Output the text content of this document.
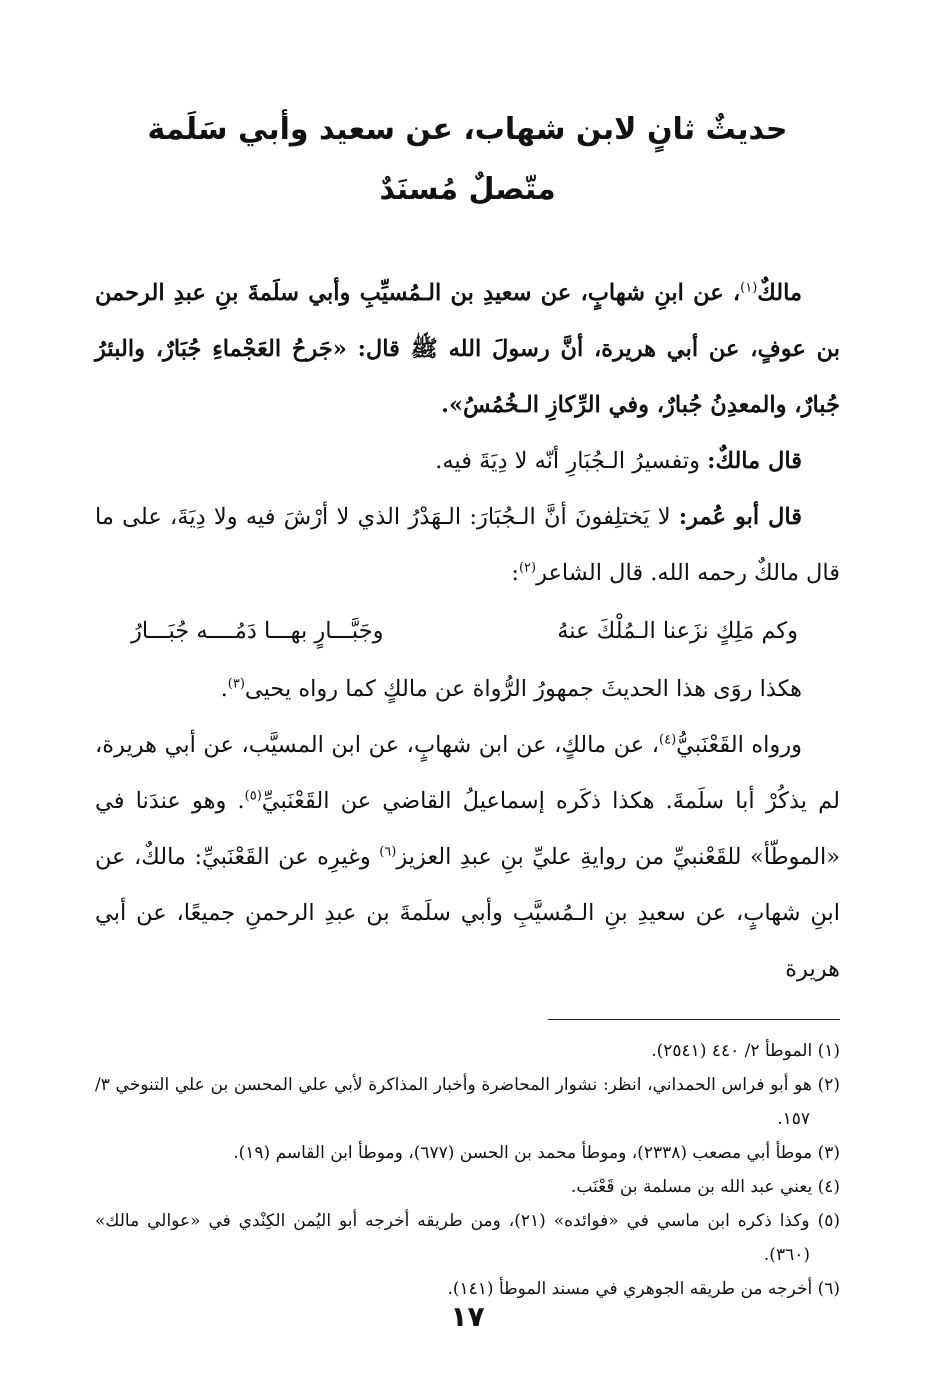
حديثٌ ثانٍ لابن شهاب، عن سعيد وأبي سَلَمة
متّصلٌ مُسنَدٌ

مالكٌ$^{(١)}$، عن ابنِ شهابٍ، عن سعيدِ بن الـمُسيِّبِ وأبي سلَمةَ بنِ عبدِ الرحمن بن عوفٍ، عن أبي هريرة، أنَّ رسولَ الله ﷺ قال: «جَرحُ العَجْماءِ جُبَارٌ، والبئرُ جُبارٌ، والمعدِنُ جُبارٌ، وفي الرِّكازِ الـخُمُسُ».

قال مالكٌ: وتفسيرُ الـجُبَارِ أنّه لا دِيَةَ فيه.

قال أبو عُمر: لا يَختلِفونَ أنَّ الـجُبَارَ: الـهَدْرُ الذي لا أرْشَ فيه ولا دِيَةَ، على ما قال مالكٌ رحمه الله. قال الشاعر$^{(٢)}$:

وكم مَلِكٍ نزَعنا الـمُلْكَ عنهُ
وجَبَّـــارٍ بهـــا دَمُــــه جُبَـــارُ

هكذا روَى هذا الحديثَ جمهورُ الرُّواة عن مالكٍ كما رواه يحيى$^{(٣)}$.

ورواه القَعْنَبيُّ$^{(٤)}$، عن مالكٍ، عن ابن شهابٍ، عن ابن المسيَّب، عن أبي هريرة، لم يذكُرْ أبا سلَمةَ. هكذا ذكَره إسماعيلُ القاضي عن القَعْنَبيِّ$^{(٥)}$. وهو عندَنا في «الموطّأ» للقَعْنبيِّ من روايةِ عليِّ بنِ عبدِ العزيز$^{(٦)}$ وغيرِه عن القَعْنَبيِّ: مالكٌ، عن ابنِ شهابٍ، عن سعيدِ بنِ الـمُسيَّبِ وأبي سلَمةَ بن عبدِ الرحمنِ جميعًا، عن أبي هريرة

(١) الموطأ ٢/ ٤٤٠ (٢٥٤١).
(٢) هو أبو فراس الحمداني، انظر: نشوار المحاضرة وأخبار المذاكرة لأبي علي المحسن بن علي التنوخي ٣/ ١٥٧.
(٣) موطأ أبي مصعب (٢٣٣٨)، وموطأ محمد بن الحسن (٦٧٧)، وموطأ ابن القاسم (١٩).
(٤) يعني عبد الله بن مسلمة بن قَعْنَب.
(٥) وكذا ذكره ابن ماسي في «فوائده» (٢١)، ومن طريقه أخرجه أبو اليُمن الكِنْدي في «عوالي مالك» (٣٦٠).
(٦) أخرجه من طريقه الجوهري في مسند الموطأ (١٤١).
١٧
